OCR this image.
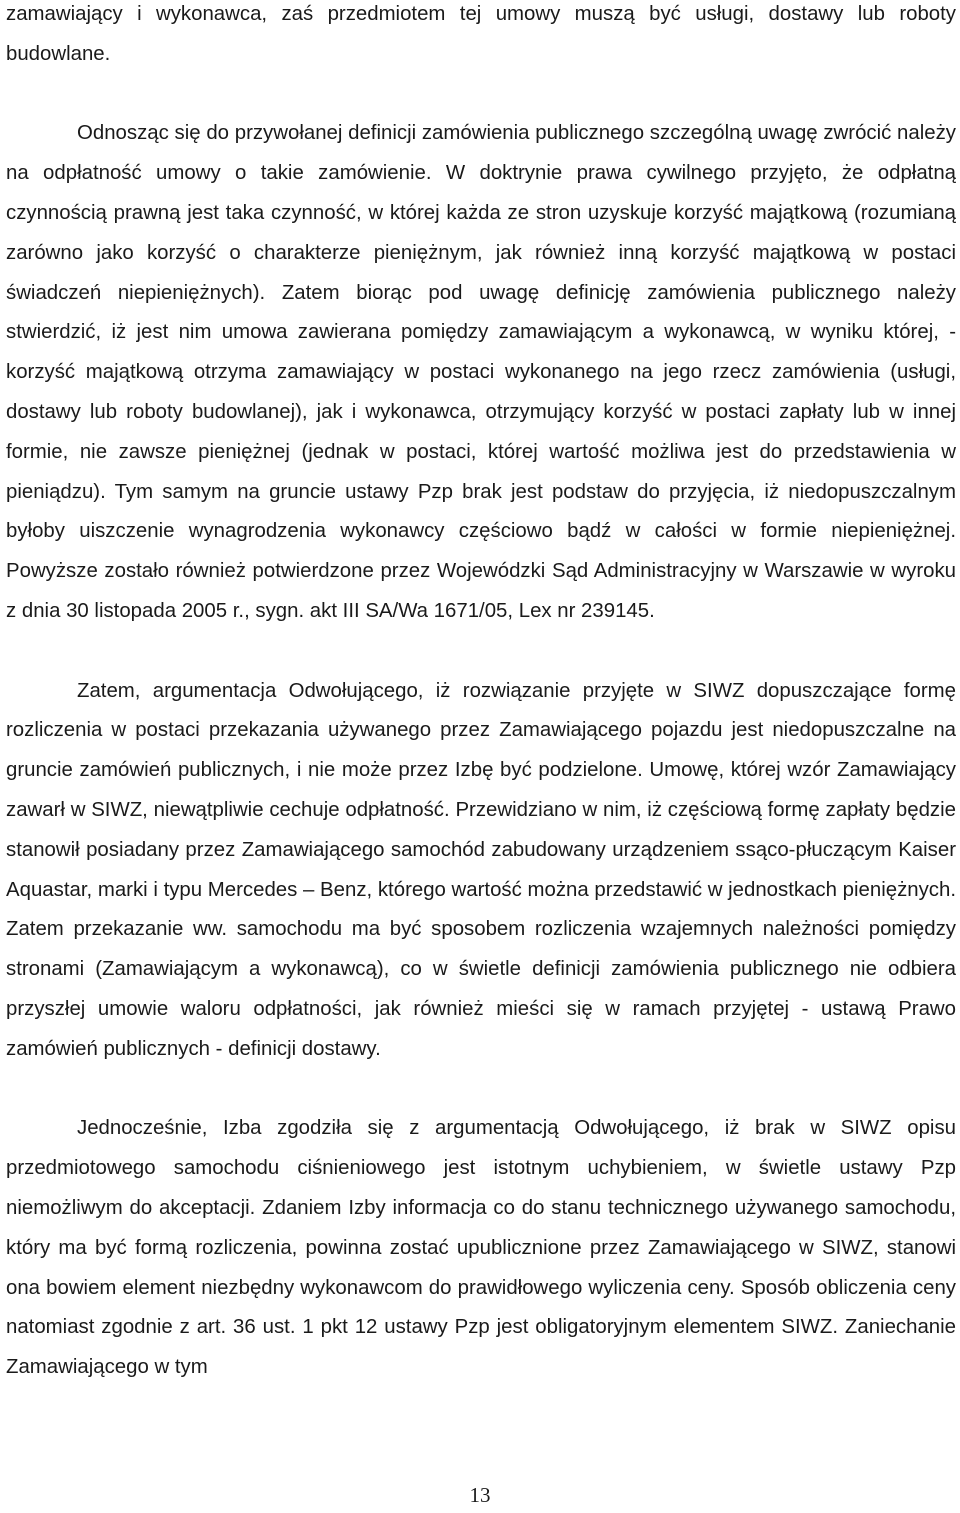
zamawiający i wykonawca, zaś przedmiotem tej umowy muszą być usługi, dostawy lub roboty budowlane.

Odnosząc się do przywołanej definicji zamówienia publicznego szczególną uwagę zwrócić należy na odpłatność umowy o takie zamówienie. W doktrynie prawa cywilnego przyjęto, że odpłatną czynnością prawną jest taka czynność, w której każda ze stron uzyskuje korzyść majątkową (rozumianą zarówno jako korzyść o charakterze pieniężnym, jak również inną korzyść majątkową w postaci świadczeń niepieniężnych). Zatem biorąc pod uwagę definicję zamówienia publicznego należy stwierdzić, iż jest nim umowa zawierana pomiędzy zamawiającym a wykonawcą, w wyniku której, - korzyść majątkową otrzyma zamawiający w postaci wykonanego na jego rzecz zamówienia (usługi, dostawy lub roboty budowlanej), jak i wykonawca, otrzymujący korzyść w postaci zapłaty lub w innej formie, nie zawsze pieniężnej (jednak w postaci, której wartość możliwa jest do przedstawienia w pieniądzu). Tym samym na gruncie ustawy Pzp brak jest podstaw do przyjęcia, iż niedopuszczalnym byłoby uiszczenie wynagrodzenia wykonawcy częściowo bądź w całości w formie niepieniężnej. Powyższe zostało również potwierdzone przez Wojewódzki Sąd Administracyjny w Warszawie w wyroku z dnia 30 listopada 2005 r., sygn. akt III SA/Wa 1671/05, Lex nr 239145.

Zatem, argumentacja Odwołującego, iż rozwiązanie przyjęte w SIWZ dopuszczające formę rozliczenia w postaci przekazania używanego przez Zamawiającego pojazdu jest niedopuszczalne na gruncie zamówień publicznych, i nie może przez Izbę być podzielone. Umowę, której wzór Zamawiający zawarł w SIWZ, niewątpliwie cechuje odpłatność. Przewidziano w nim, iż częściową formę zapłaty będzie stanowił posiadany przez Zamawiającego samochód zabudowany urządzeniem ssąco-płuczącym Kaiser Aquastar, marki i typu Mercedes – Benz, którego wartość można przedstawić w jednostkach pieniężnych. Zatem przekazanie ww. samochodu ma być sposobem rozliczenia wzajemnych należności pomiędzy stronami (Zamawiającym a wykonawcą), co w świetle definicji zamówienia publicznego nie odbiera przyszłej umowie waloru odpłatności, jak również mieści się w ramach przyjętej - ustawą Prawo zamówień publicznych - definicji dostawy.

Jednocześnie, Izba zgodziła się z argumentacją Odwołującego, iż brak w SIWZ opisu przedmiotowego samochodu ciśnieniowego jest istotnym uchybieniem, w świetle ustawy Pzp niemożliwym do akceptacji. Zdaniem Izby informacja co do stanu technicznego używanego samochodu, który ma być formą rozliczenia, powinna zostać upublicznione przez Zamawiającego w SIWZ, stanowi ona bowiem element niezbędny wykonawcom do prawidłowego wyliczenia ceny. Sposób obliczenia ceny natomiast zgodnie z art. 36 ust. 1 pkt 12 ustawy Pzp jest obligatoryjnym elementem SIWZ. Zaniechanie Zamawiającego w tym

13
